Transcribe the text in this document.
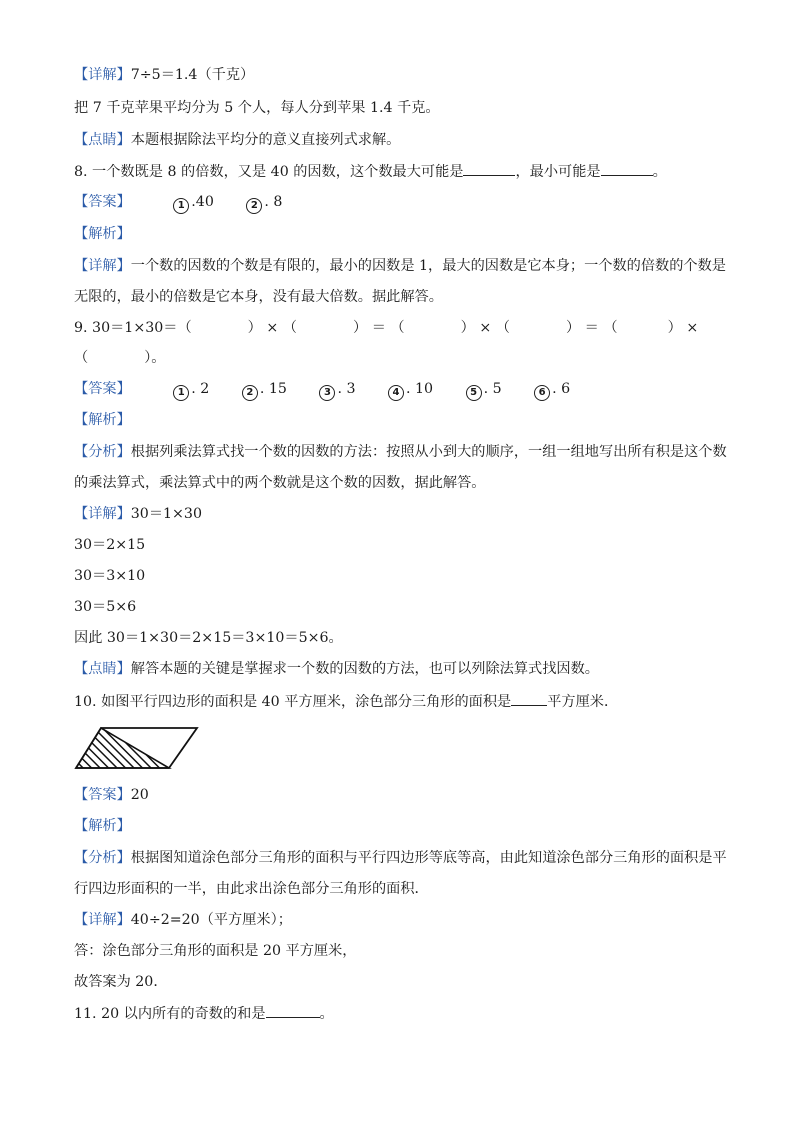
【详解】7÷5＝1.4（千克）
把 7 千克苹果平均分为 5 个人，每人分到苹果 1.4 千克。
【点睛】本题根据除法平均分的意义直接列式求解。
8. 一个数既是 8 的倍数，又是 40 的因数，这个数最大可能是	，最小可能是	。
【答案】	1 .40	2 . 8
【解析】
【详解】一个数的因数的个数是有限的，最小的因数是 1，最大的因数是它本身；一个数的倍数的个数是
无限的，最小的倍数是它本身，没有最大倍数。据此解答。
9. 30＝1×30＝（	） × （	） ＝ （	） × （	） ＝ （	） ×
（	）。
【答案】	1 . 2	2 . 15	3 . 3	4 . 10	5 . 5	6 . 6
【解析】
【分析】根据列乘法算式找一个数的因数的方法：按照从小到大的顺序，一组一组地写出所有积是这个数
的乘法算式，乘法算式中的两个数就是这个数的因数，据此解答。
【详解】30＝1×30
30＝2×15
30＝3×10
30＝5×6
因此 30＝1×30＝2×15＝3×10＝5×6。
【点睛】解答本题的关键是掌握求一个数的因数的方法，也可以列除法算式找因数。
10. 如图平行四边形的面积是 40 平方厘米，涂色部分三角形的面积是	平方厘米．
【答案】20
【解析】
【分析】根据图知道涂色部分三角形的面积与平行四边形等底等高，由此知道涂色部分三角形的面积是平
行四边形面积的一半，由此求出涂色部分三角形的面积．
【详解】40÷2=20（平方厘米）；
答：涂色部分三角形的面积是 20 平方厘米，
故答案为 20．
11. 20 以内所有的奇数的和是	。
